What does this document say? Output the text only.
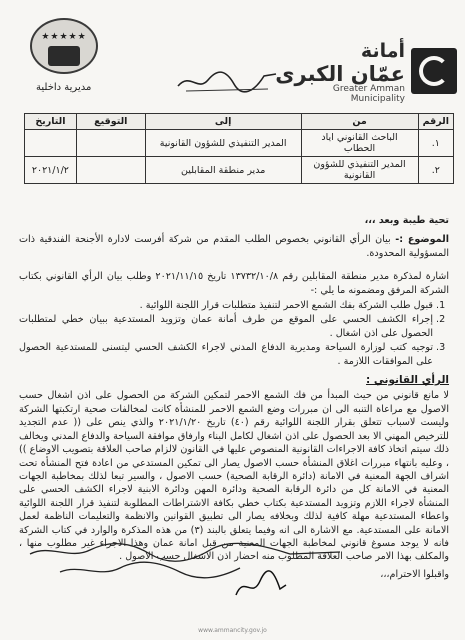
أمانة
عمّان الكبرى
Greater Amman Municipality
★★★★★
مديرية داخلية
الرقم	من	إلى	التوقيع	التاريخ
١.	الباحث القانوني اياد الحطاب	المدير التنفيذي للشؤون القانونية		
٢.	المدير التنفيذي للشؤون القانونية	مدير منطقة المقابلين		٢٠٢١/١/٢

تحية طيبة وبعد ،،،

الموضوع :- بيان الرأي القانوني بخصوص الطلب المقدم من شركة أفرست لادارة الأجنحة الفندقية ذات المسؤولية المحدودة.

اشارة لمذكرة مدير منطقة المقابلين رقم ١٣٧٣٢/١٠/٨ تاريخ ٢٠٢١/١١/١٥ وطلب بيان الرأي القانوني بكتاب الشركة المرفق ومضمونه ما يلي :-

1. قبول طلب الشركة بفك الشمع الاحمر لتنفيذ متطلبات قرار اللجنة اللوائية .
2. إجراء الكشف الحسي على الموقع من طرف أمانة عمان وتزويد المستدعية ببيان خطي لمتطلبات الحصول على اذن اشغال .
3. توجيه كتب لوزارة السياحة ومديرية الدفاع المدني لاجراء الكشف الحسي ليتسنى للمستدعية الحصول على الموافقات اللازمة .

الرأي القانوني :

لا مانع قانوني من حيث المبدأ من فك الشمع الاحمر لتمكين الشركة من الحصول على اذن اشغال حسب الاصول مع مراعاة التنبه الى ان مبررات وضع الشمع الاحمر للمنشأة كانت لمخالفات صحية ارتكبتها الشركة وليست لاسباب تتعلق بقرار اللجنة اللوائية رقم (٤٠) تاريخ ٢٠٢١/١/٢٠ والذي ينص على (( عدم التجديد للترخيص المهني الا بعد الحصول على اذن اشغال لكامل البناء وارفاق موافقة السياحة والدفاع المدني ويخالف ذلك سيتم اتخاذ كافة الاجراءات القانونية المنصوص عليها في القانون لالزام صاحب العلاقة بتصويب الاوضاع )) ، وعليه بانتهاء مبررات اغلاق المنشأة حسب الاصول يصار الى تمكين المستدعي من اعادة فتح المنشأة تحت اشراف الجهة المعنية في الامانة (دائرة الرقابة الصحية) حسب الاصول ، والسير تبعا لذلك بمخاطبة الجهات المعنية في الامانة كل من دائرة الرقابة الصحية ودائرة المهن ودائرة الابنية لاجراء الكشف الحسي على المنشأة لاجراء اللازم وتزويد المستدعية بكتاب خطي بكافة الاشتراطات المطلوبة لتنفيذ قرار اللجنة اللوائية واعطاء المستدعية مهلة كافية لذلك وبخلافه يصار الى تطبيق القوانين والانظمة والتعليمات الناظمة لعمل الامانة على المستدعية. مع الاشارة الى انه وفيما يتعلق بالبند (٣) من هذه المذكرة والوارد في كتاب الشركة فانه لا يوجد مسوغ قانوني لمخاطبة الجهات المعنية من قبل امانة عمان وهذا الاجراء غير مطلوب منها ، والمكلف بهذا الامر صاحب العلاقة المطلوب منه احضار اذن الاشغال حسب الاصول .

واقبلوا الاحترام،،،

www.ammancity.gov.jo
